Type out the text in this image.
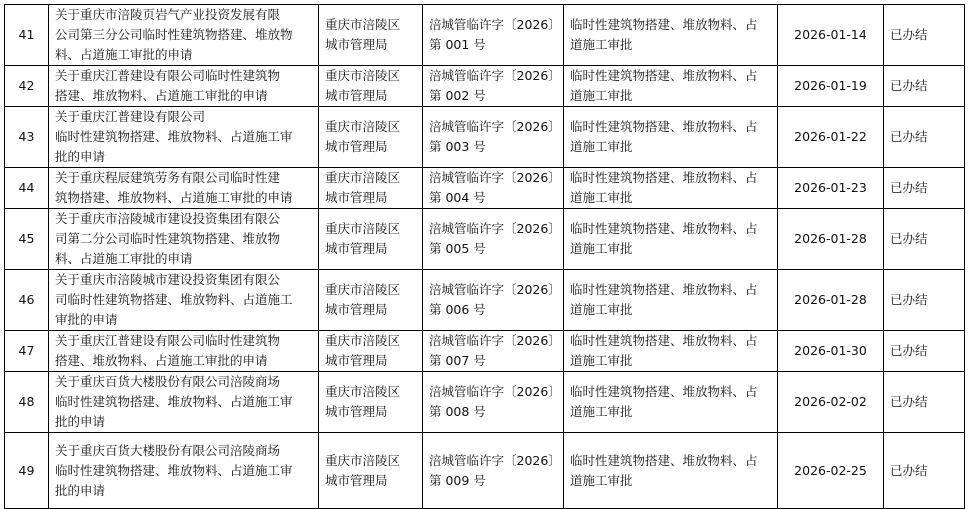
41	关于重庆市涪陵页岩气产业投资发展有限
公司第三分公司临时性建筑物搭建、堆放物
料、占道施工审批的申请	重庆市涪陵区
城市管理局	涪城管临许字〔2026〕
第 001 号	临时性建筑物搭建、堆放物料、占
道施工审批	2026-01-14	已办结
42	关于重庆江普建设有限公司临时性建筑物
搭建、堆放物料、占道施工审批的申请	重庆市涪陵区
城市管理局	涪城管临许字〔2026〕
第 002 号	临时性建筑物搭建、堆放物料、占
道施工审批	2026-01-19	已办结
43	关于重庆江普建设有限公司
临时性建筑物搭建、堆放物料、占道施工审
批的申请	重庆市涪陵区
城市管理局	涪城管临许字〔2026〕
第 003 号	临时性建筑物搭建、堆放物料、占
道施工审批	2026-01-22	已办结
44	关于重庆程辰建筑劳务有限公司临时性建
筑物搭建、堆放物料、占道施工审批的申请	重庆市涪陵区
城市管理局	涪城管临许字〔2026〕
第 004 号	临时性建筑物搭建、堆放物料、占
道施工审批	2026-01-23	已办结
45	关于重庆市涪陵城市建设投资集团有限公
司第二分公司临时性建筑物搭建、堆放物
料、占道施工审批的申请	重庆市涪陵区
城市管理局	涪城管临许字〔2026〕
第 005 号	临时性建筑物搭建、堆放物料、占
道施工审批	2026-01-28	已办结
46	关于重庆市涪陵城市建设投资集团有限公
司临时性建筑物搭建、堆放物料、占道施工
审批的申请	重庆市涪陵区
城市管理局	涪城管临许字〔2026〕
第 006 号	临时性建筑物搭建、堆放物料、占
道施工审批	2026-01-28	已办结
47	关于重庆江普建设有限公司临时性建筑物
搭建、堆放物料、占道施工审批的申请	重庆市涪陵区
城市管理局	涪城管临许字〔2026〕
第 007 号	临时性建筑物搭建、堆放物料、占
道施工审批	2026-01-30	已办结
48	关于重庆百货大楼股份有限公司涪陵商场
临时性建筑物搭建、堆放物料、占道施工审
批的申请	重庆市涪陵区
城市管理局	涪城管临许字〔2026〕
第 008 号	临时性建筑物搭建、堆放物料、占
道施工审批	2026-02-02	已办结
49	关于重庆百货大楼股份有限公司涪陵商场
临时性建筑物搭建、堆放物料、占道施工审
批的申请	重庆市涪陵区
城市管理局	涪城管临许字〔2026〕
第 009 号	临时性建筑物搭建、堆放物料、占
道施工审批	2026-02-25	已办结
